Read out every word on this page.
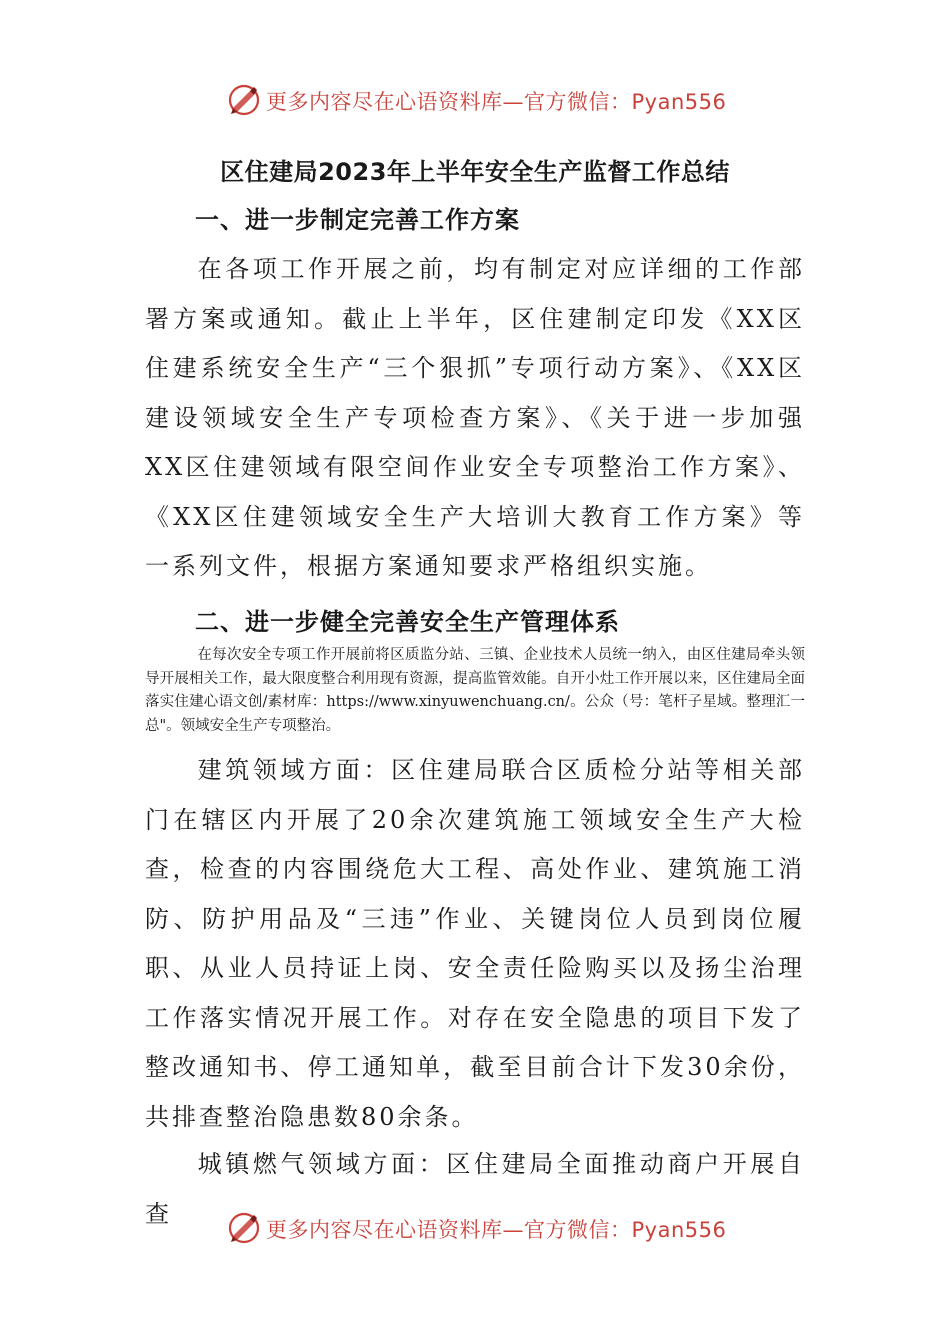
更多内容尽在心语资料库—官方微信：Pyan556
区住建局2023年上半年安全生产监督工作总结
一、进一步制定完善工作方案
在各项工作开展之前，均有制定对应详细的工作部署方案或通知。截止上半年，区住建制定印发《XX区住建系统安全生产“三个狠抓”专项行动方案》、《XX区建设领域安全生产专项检查方案》、《关于进一步加强XX区住建领域有限空间作业安全专项整治工作方案》、《XX区住建领域安全生产大培训大教育工作方案》等一系列文件，根据方案通知要求严格组织实施。
二、进一步健全完善安全生产管理体系
在每次安全专项工作开展前将区质监分站、三镇、企业技术人员统一纳入，由区住建局牵头领导开展相关工作，最大限度整合利用现有资源，提高监管效能。自开小灶工作开展以来，区住建局全面落实住建心语文创/素材库：https://www.xinyuwenchuang.cn/。公众（号：笔杆子星域。整理汇一总"。领域安全生产专项整治。
建筑领域方面：区住建局联合区质检分站等相关部门在辖区内开展了20余次建筑施工领域安全生产大检查，检查的内容围绕危大工程、高处作业、建筑施工消防、防护用品及“三违”作业、关键岗位人员到岗位履职、从业人员持证上岗、安全责任险购买以及扬尘治理工作落实情况开展工作。对存在安全隐患的项目下发了整改通知书、停工通知单，截至目前合计下发30余份，共排查整治隐患数80余条。
城镇燃气领域方面：区住建局全面推动商户开展自查
更多内容尽在心语资料库—官方微信：Pyan556
